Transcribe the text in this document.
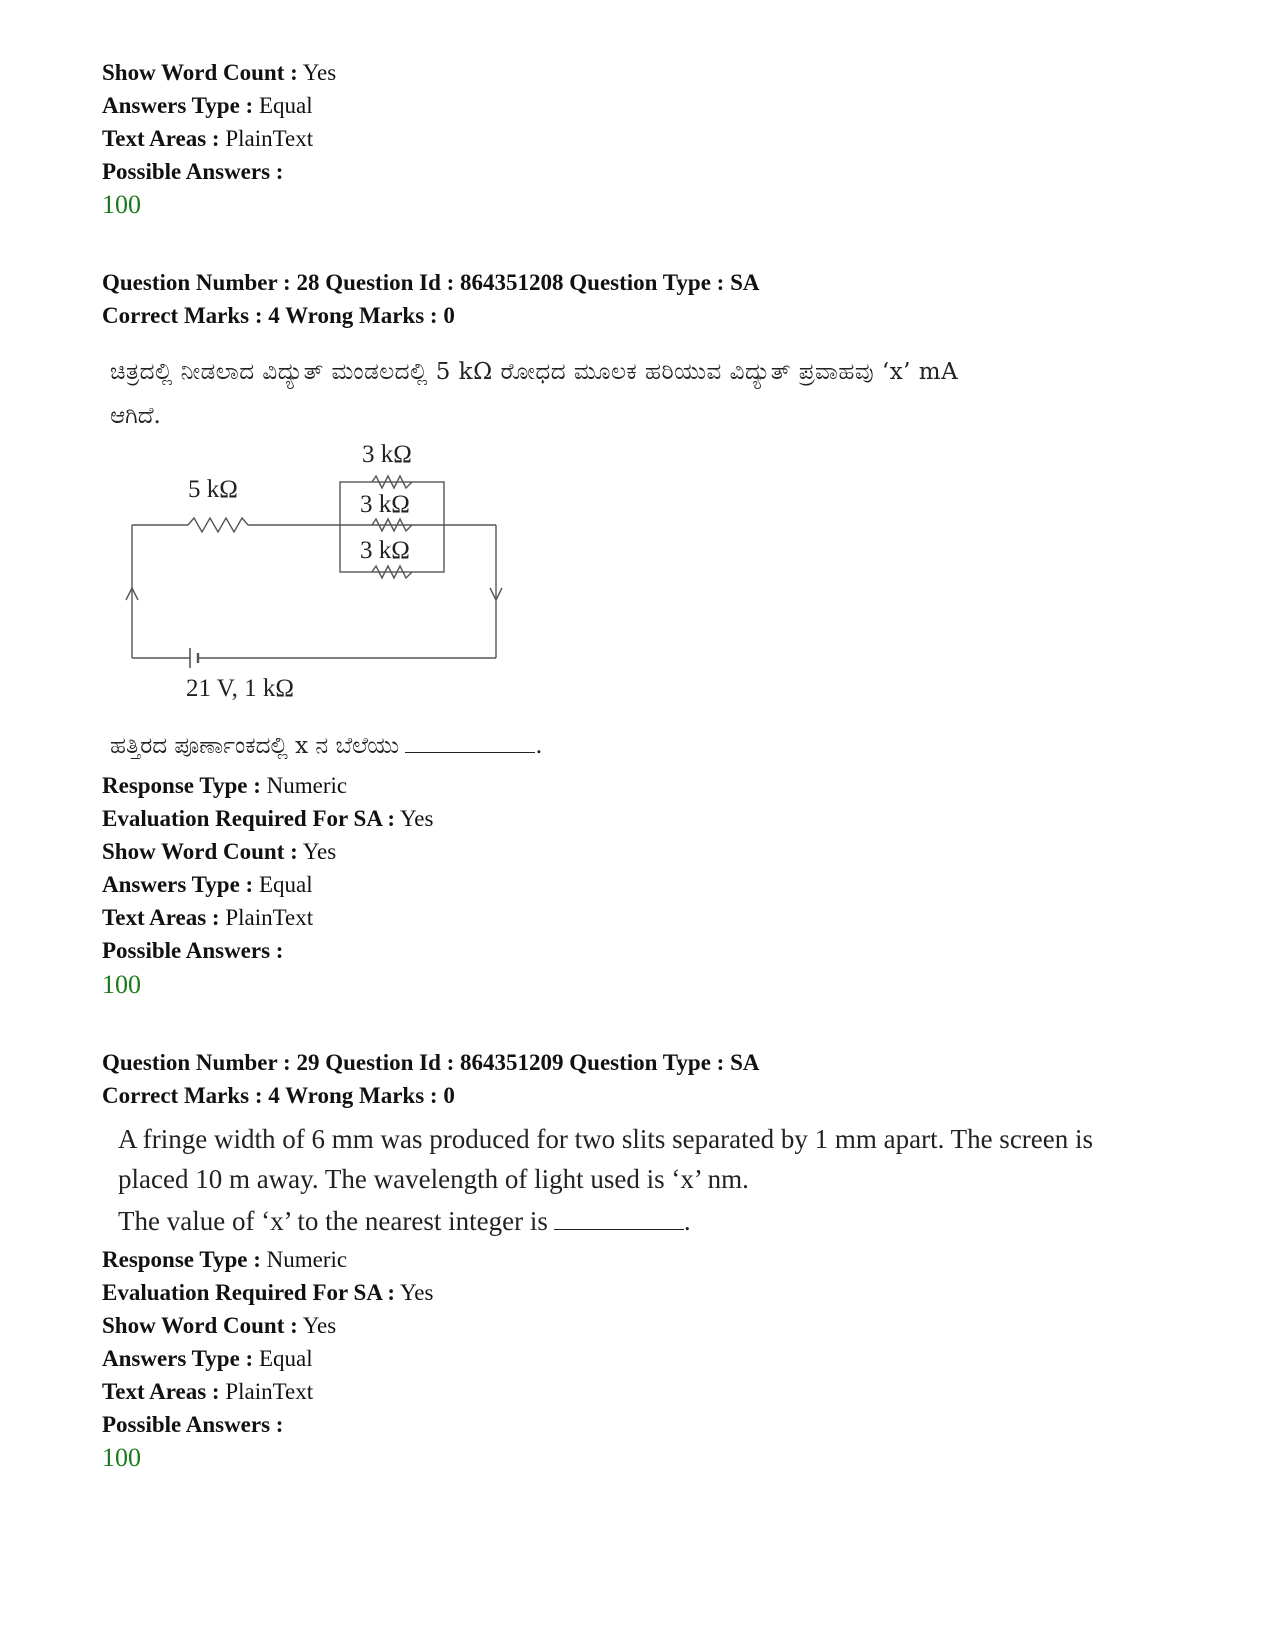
Show Word Count : Yes
Answers Type : Equal
Text Areas : PlainText
Possible Answers :
100
Question Number : 28 Question Id : 864351208 Question Type : SA
Correct Marks : 4 Wrong Marks : 0
ಚಿತ್ರದಲ್ಲಿ ನೀಡಲಾದ ವಿದ್ಯುತ್ ಮಂಡಲದಲ್ಲಿ 5 kΩ ರೋಧದ ಮೂಲಕ ಹರಿಯುವ ವಿದ್ಯುತ್ ಪ್ರವಾಹವು ‘x’ mA
ಆಗಿದೆ.
5 kΩ
3 kΩ
3 kΩ
3 kΩ
21 V, 1 kΩ
ಹತ್ತಿರದ ಪೂರ್ಣಾಂಕದಲ್ಲಿ x ನ ಬೆಲೆಯು	.
Response Type : Numeric
Evaluation Required For SA : Yes
Show Word Count : Yes
Answers Type : Equal
Text Areas : PlainText
Possible Answers :
100
Question Number : 29 Question Id : 864351209 Question Type : SA
Correct Marks : 4 Wrong Marks : 0
A fringe width of 6 mm was produced for two slits separated by 1 mm apart. The screen is
placed 10 m away. The wavelength of light used is ‘x’ nm.
The value of ‘x’ to the nearest integer is	.
Response Type : Numeric
Evaluation Required For SA : Yes
Show Word Count : Yes
Answers Type : Equal
Text Areas : PlainText
Possible Answers :
100
